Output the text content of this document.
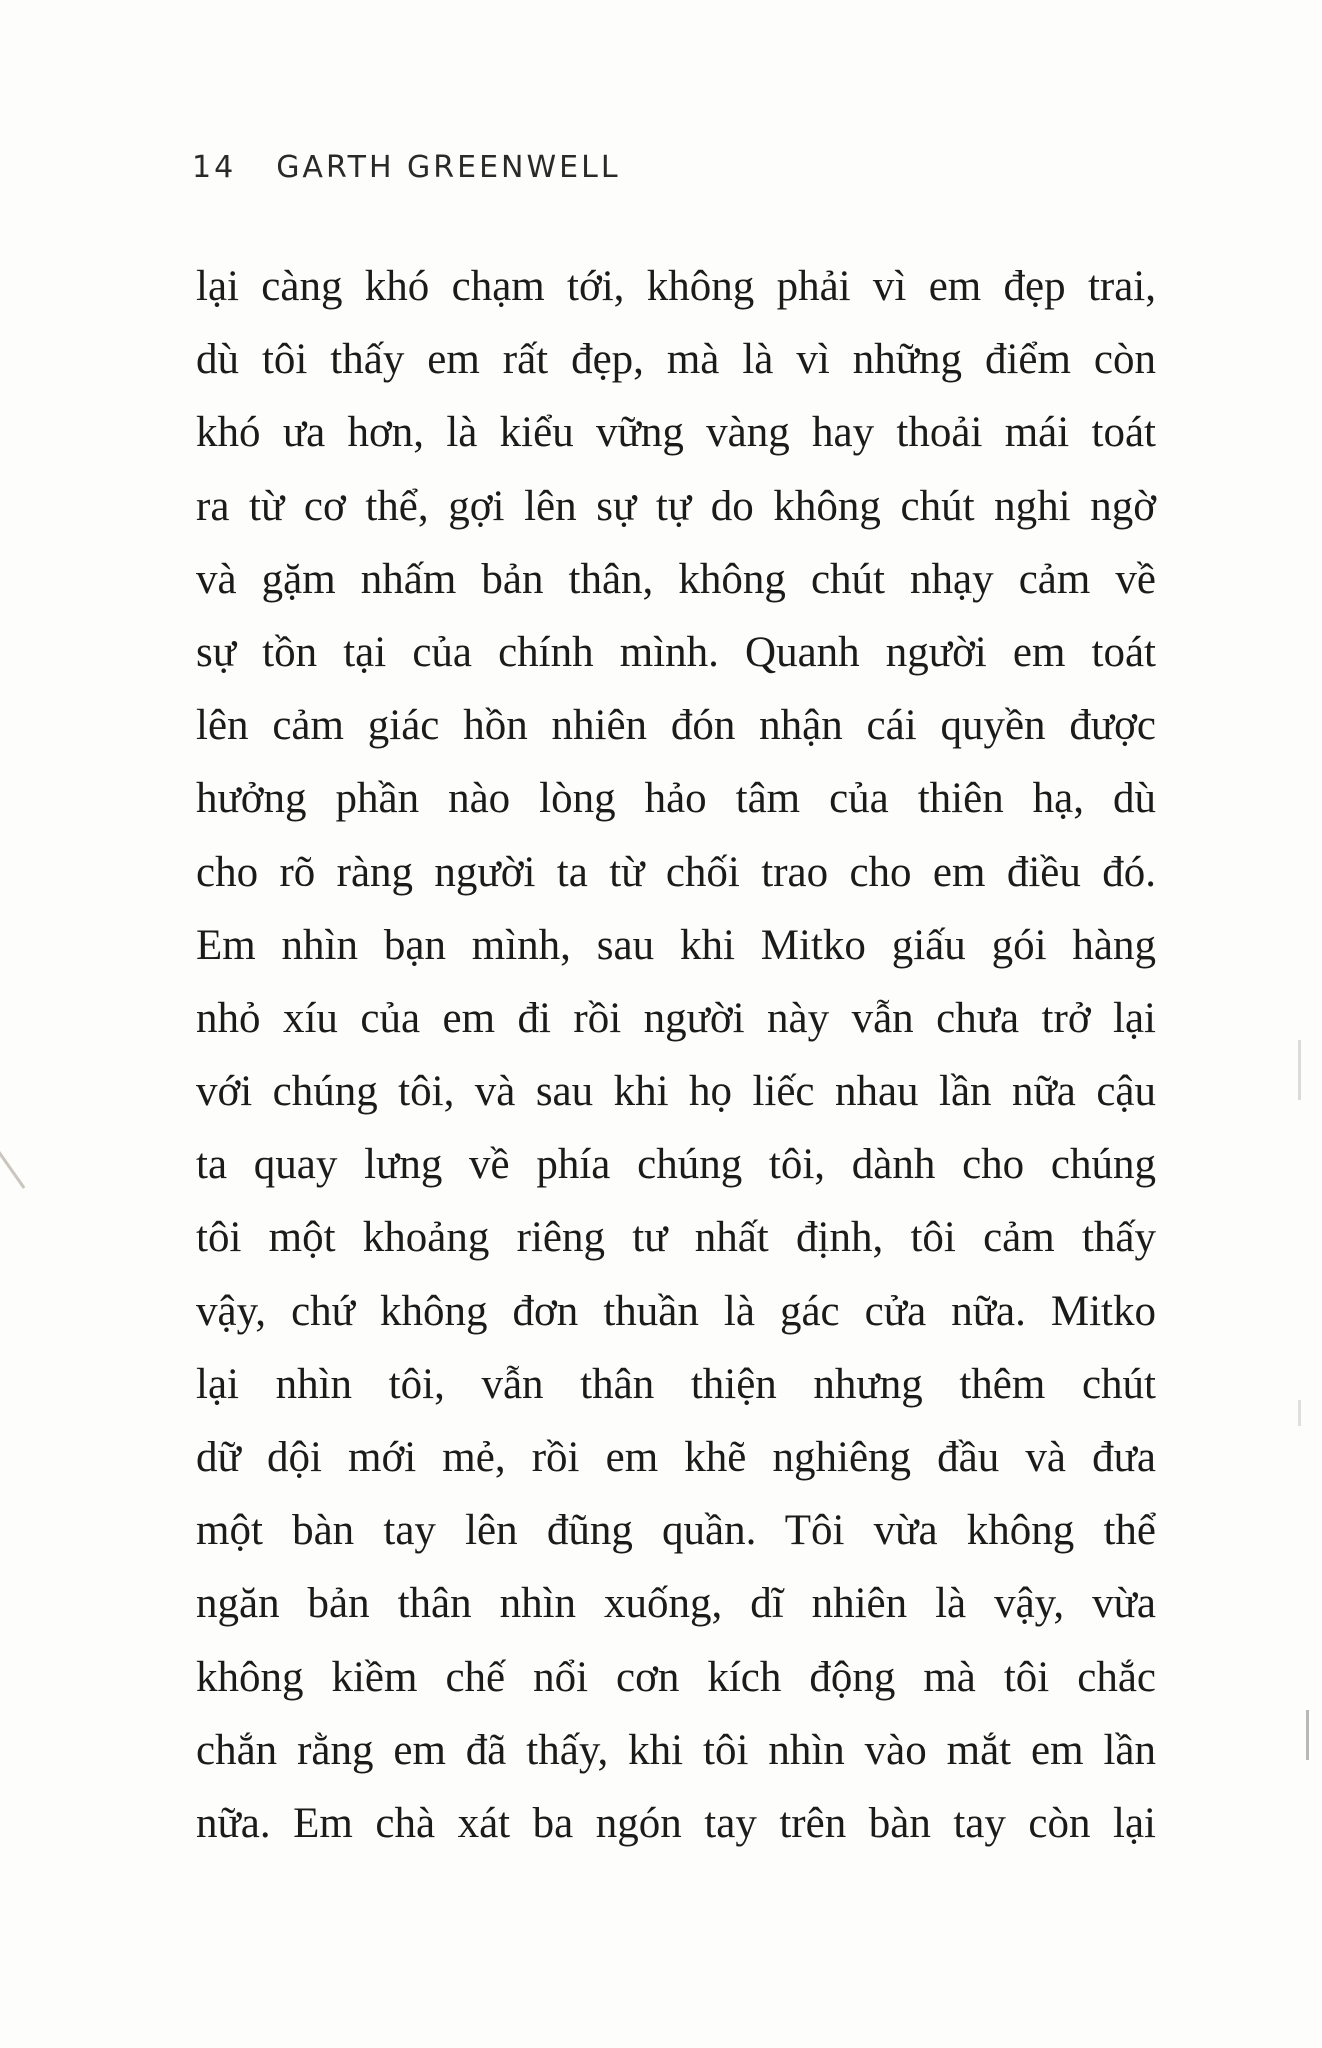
14 GARTH GREENWELL
lại càng khó chạm tới, không phải vì em đẹp trai,
dù tôi thấy em rất đẹp, mà là vì những điểm còn
khó ưa hơn, là kiểu vững vàng hay thoải mái toát
ra từ cơ thể, gợi lên sự tự do không chút nghi ngờ
và gặm nhấm bản thân, không chút nhạy cảm về
sự tồn tại của chính mình. Quanh người em toát
lên cảm giác hồn nhiên đón nhận cái quyền được
hưởng phần nào lòng hảo tâm của thiên hạ, dù
cho rõ ràng người ta từ chối trao cho em điều đó.
Em nhìn bạn mình, sau khi Mitko giấu gói hàng
nhỏ xíu của em đi rồi người này vẫn chưa trở lại
với chúng tôi, và sau khi họ liếc nhau lần nữa cậu
ta quay lưng về phía chúng tôi, dành cho chúng
tôi một khoảng riêng tư nhất định, tôi cảm thấy
vậy, chứ không đơn thuần là gác cửa nữa. Mitko
lại nhìn tôi, vẫn thân thiện nhưng thêm chút
dữ dội mới mẻ, rồi em khẽ nghiêng đầu và đưa
một bàn tay lên đũng quần. Tôi vừa không thể
ngăn bản thân nhìn xuống, dĩ nhiên là vậy, vừa
không kiềm chế nổi cơn kích động mà tôi chắc
chắn rằng em đã thấy, khi tôi nhìn vào mắt em lần
nữa. Em chà xát ba ngón tay trên bàn tay còn lại
